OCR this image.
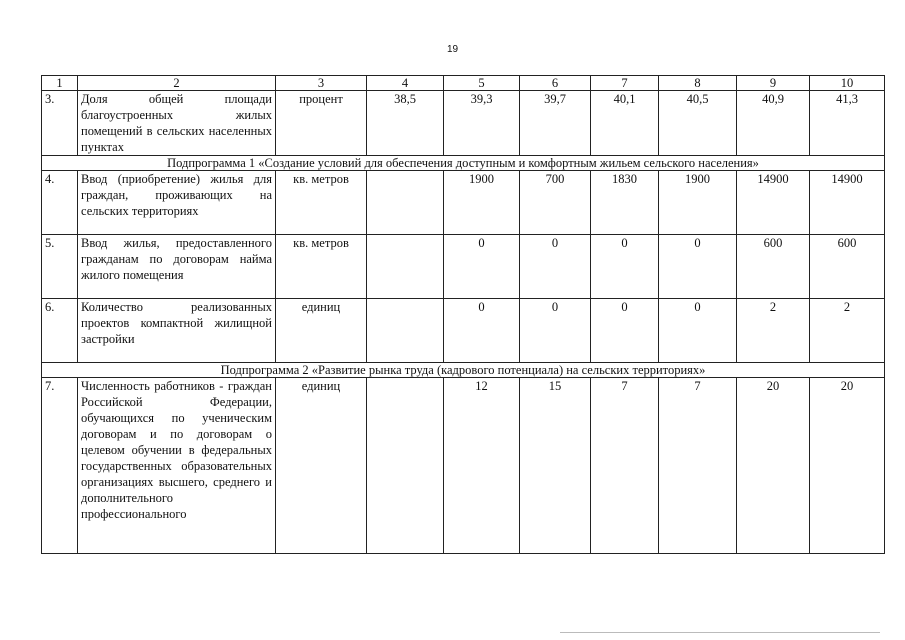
19
1	2	3	4	5	6	7	8	9	10
3.	Доля общей площади благоустроенных жилых помещений в сельских населенных пунктах	процент	38,5	39,3	39,7	40,1	40,5	40,9	41,3
Подпрограмма 1 «Создание условий для обеспечения доступным и комфортным жильем сельского населения»									
4.	Ввод (приобретение) жилья для граждан, проживающих на сельских территориях	кв. метров		1900	700	1830	1900	14900	14900
5.	Ввод жилья, предоставленного гражданам по договорам найма жилого помещения	кв. метров		0	0	0	0	600	600
6.	Количество реализованных проектов компактной жилищной застройки	единиц		0	0	0	0	2	2
Подпрограмма 2 «Развитие рынка труда (кадрового потенциала) на сельских территориях»									
7.	Численность работников - граждан Российской Федерации, обучающихся по ученическим договорам и по договорам о целевом обучении в федеральных государственных образовательных организациях высшего, среднего и дополнительного профессионального	единиц		12	15	7	7	20	20
